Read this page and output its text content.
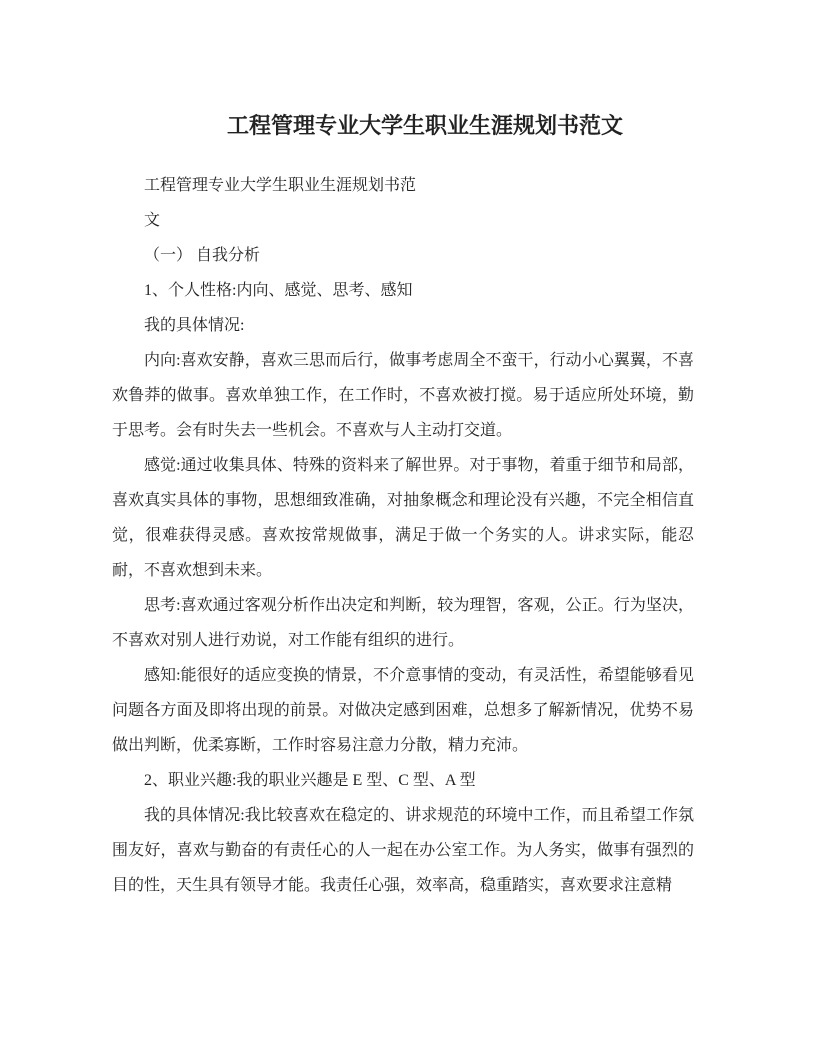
工程管理专业大学生职业生涯规划书范文

工程管理专业大学生职业生涯规划书范

文

（一） 自我分析

1、个人性格:内向、感觉、思考、感知

我的具体情况:

内向:喜欢安静，喜欢三思而后行，做事考虑周全不蛮干，行动小心翼翼，不喜欢鲁莽的做事。喜欢单独工作，在工作时，不喜欢被打搅。易于适应所处环境，勤于思考。会有时失去一些机会。不喜欢与人主动打交道。

感觉:通过收集具体、特殊的资料来了解世界。对于事物，着重于细节和局部，喜欢真实具体的事物，思想细致准确，对抽象概念和理论没有兴趣，不完全相信直觉，很难获得灵感。喜欢按常规做事，满足于做一个务实的人。讲求实际，能忍耐，不喜欢想到未来。

思考:喜欢通过客观分析作出决定和判断，较为理智，客观，公正。行为坚决，不喜欢对别人进行劝说，对工作能有组织的进行。

感知:能很好的适应变换的情景，不介意事情的变动，有灵活性，希望能够看见问题各方面及即将出现的前景。对做决定感到困难，总想多了解新情况，优势不易做出判断，优柔寡断，工作时容易注意力分散，精力充沛。

2、职业兴趣:我的职业兴趣是 E 型、C 型、A 型

我的具体情况:我比较喜欢在稳定的、讲求规范的环境中工作，而且希望工作氛围友好，喜欢与勤奋的有责任心的人一起在办公室工作。为人务实，做事有强烈的目的性，天生具有领导才能。我责任心强，效率高，稳重踏实，喜欢要求注意精
